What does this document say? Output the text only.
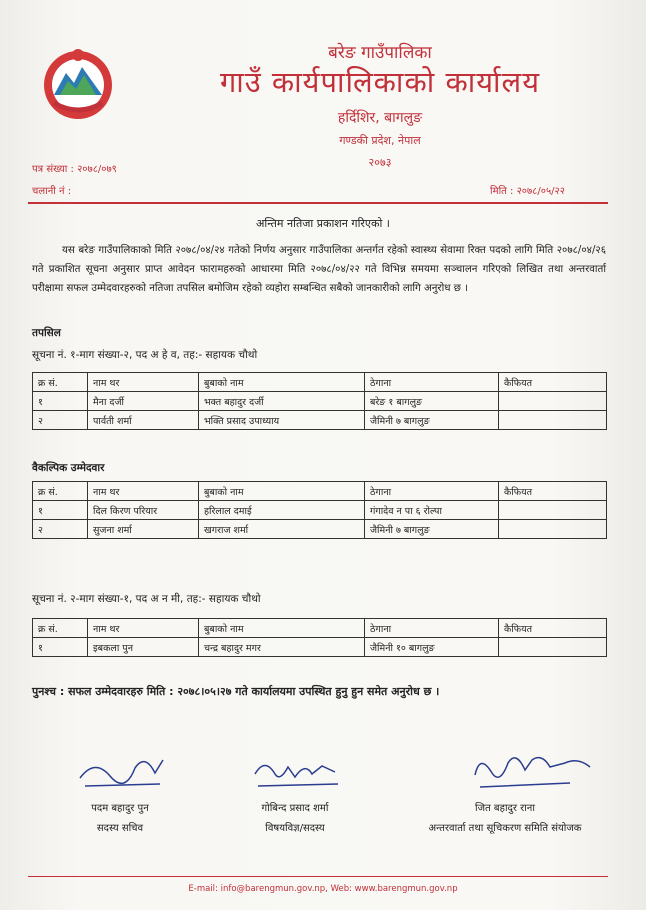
बरेङ गाउँपालिका
गाउँ कार्यपालिकाको कार्यालय
हर्दिशिर, बागलुङ
गण्डकी प्रदेश, नेपाल
२०७३
पत्र संख्या : २०७८/०७९
चलानी नं :	मिति : २०७८/०५/२२
अन्तिम नतिजा प्रकाशन गरिएको ।
यस बरेङ गाउँपालिकाको मिति २०७८/०४/२४ गतेको निर्णय अनुसार गाउँपालिका अन्तर्गत रहेको स्वास्थ्य सेवामा रिक्त पदको लागि मिति २०७८/०४/२६ गते प्रकाशित सूचना अनुसार प्राप्त आवेदन फारामहरुको आधारमा मिति २०७८/०४/२२ गते विभिन्न समयमा सञ्चालन गरिएको लिखित तथा अन्तरवार्ता परीक्षामा सफल उम्मेदवारहरुको नतिजा तपसिल बमोजिम रहेको व्यहोरा सम्बन्धित सबैको जानकारीको लागि अनुरोध छ ।
तपसिल
सूचना नं. १-माग संख्या-२, पद अ हे व, तह:- सहायक चौथो
क्र सं.	नाम थर	बुबाको नाम	ठेगाना	कैफियत
१	मैना दर्जी	भक्त बहादुर दर्जी	बरेङ १ बागलुङ	
२	पार्वती शर्मा	भक्ति प्रसाद उपाध्याय	जैमिनी ७ बागलुङ	
वैकल्पिक उम्मेदवार
क्र सं.	नाम थर	बुबाको नाम	ठेगाना	कैफियत
१	दिल किरण परियार	हरिलाल दमाई	गंगादेव न पा ६ रोल्पा	
२	सुजना शर्मा	खगराज शर्मा	जैमिनी ७ बागलुङ	
सूचना नं. २-माग संख्या-१, पद अ न मी, तह:- सहायक चौथो
क्र सं.	नाम थर	बुबाको नाम	ठेगाना	कैफियत
१	इबकला पुन	चन्द्र बहादुर मगर	जैमिनी १० बागलुङ	
पुनश्च : सफल उम्मेदवारहरु मिति : २०७८।०५।२७ गते कार्यालयमा उपस्थित हुनु हुन समेत अनुरोध छ ।
पदम बहादुर पुन
सदस्य सचिव
गोबिन्द प्रसाद शर्मा
विषयविज्ञ/सदस्य
जित बहादुर राना
अन्तरवार्ता तथा सूचिकरण समिति संयोजक
E-mail: info@barengmun.gov.np, Web: www.barengmun.gov.np
